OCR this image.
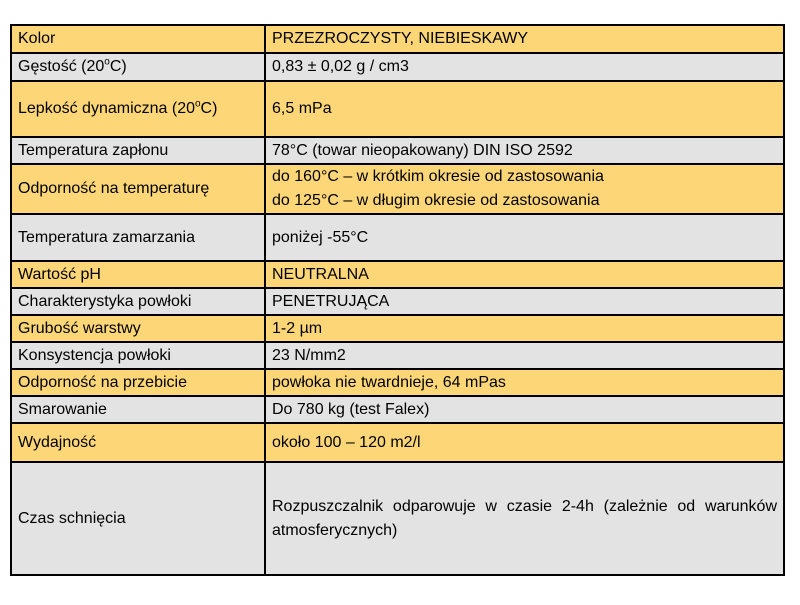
Kolor	PRZEZROCZYSTY, NIEBIESKAWY
Gęstość (20$^o$C)	0,83 ± 0,02 g / cm3
Lepkość dynamiczna (20$^o$C)	6,5 mPa
Temperatura zapłonu	78°C (towar nieopakowany) DIN ISO 2592
Odporność na temperaturę	do 160°C – w krótkim okresie od zastosowania
do 125°C – w długim okresie od zastosowania

Temperatura zamarzania	poniżej -55°C
Wartość pH	NEUTRALNA
Charakterystyka powłoki	PENETRUJĄCA
Grubość warstwy	1-2 µm
Konsystencja powłoki	23 N/mm2
Odporność na przebicie	powłoka nie twardnieje, 64 mPas
Smarowanie	Do 780 kg (test Falex)
Wydajność	około 100 – 120 m2/l
Czas schnięcia	Rozpuszczalnik odparowuje w czasie 2-4h (zależnie od warunków atmosferycznych)
